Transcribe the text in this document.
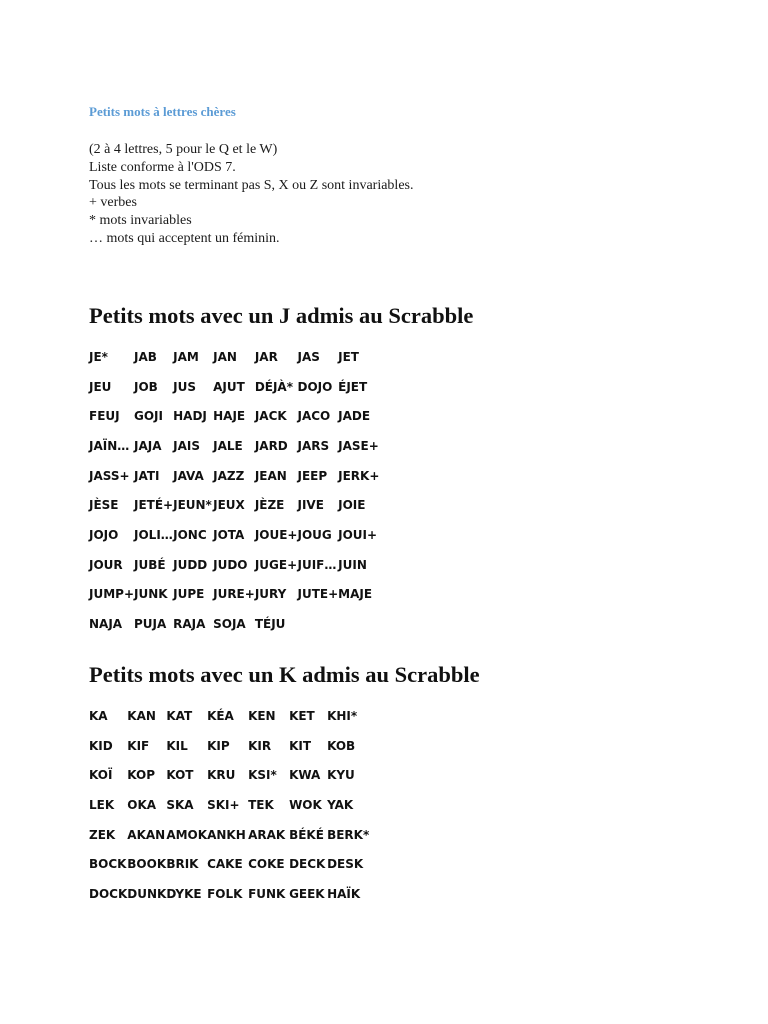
Petits mots à lettres chères
(2 à 4 lettres, 5 pour le Q et le W)
Liste conforme à l'ODS 7.
Tous les mots se terminant pas S, X ou Z sont invariables.
+ verbes
* mots invariables
… mots qui acceptent un féminin.
Petits mots avec un J admis au Scrabble
JE*	JAB	JAM	JAN	JAR	JAS	JET
JEU	JOB	JUS	AJUT	DÉJÀ*	DOJO	ÉJET
FEUJ	GOJI	HADJ	HAJE	JACK	JACO	JADE
JAÏN…	JAJA	JAIS	JALE	JARD	JARS	JASE+
JASS+	JATI	JAVA	JAZZ	JEAN	JEEP	JERK+
JÈSE	JETÉ+	JEUN*	JEUX	JÈZE	JIVE	JOIE
JOJO	JOLI…	JONC	JOTA	JOUE+	JOUG	JOUI+
JOUR	JUBÉ	JUDD	JUDO	JUGE+	JUIF…	JUIN
JUMP+	JUNK	JUPE	JURE+	JURY	JUTE+	MAJE
NAJA	PUJA	RAJA	SOJA	TÉJU		
Petits mots avec un K admis au Scrabble
KA	KAN	KAT	KÉA	KEN	KET	KHI*
KID	KIF	KIL	KIP	KIR	KIT	KOB
KOÏ	KOP	KOT	KRU	KSI*	KWA	KYU
LEK	OKA	SKA	SKI+	TEK	WOK	YAK
ZEK	AKAN	AMOK	ANKH	ARAK	BÉKÉ	BERK*
BOCK	BOOK	BRIK	CAKE	COKE	DECK	DESK
DOCK	DUNK	DYKE	FOLK	FUNK	GEEK	HAÏK
